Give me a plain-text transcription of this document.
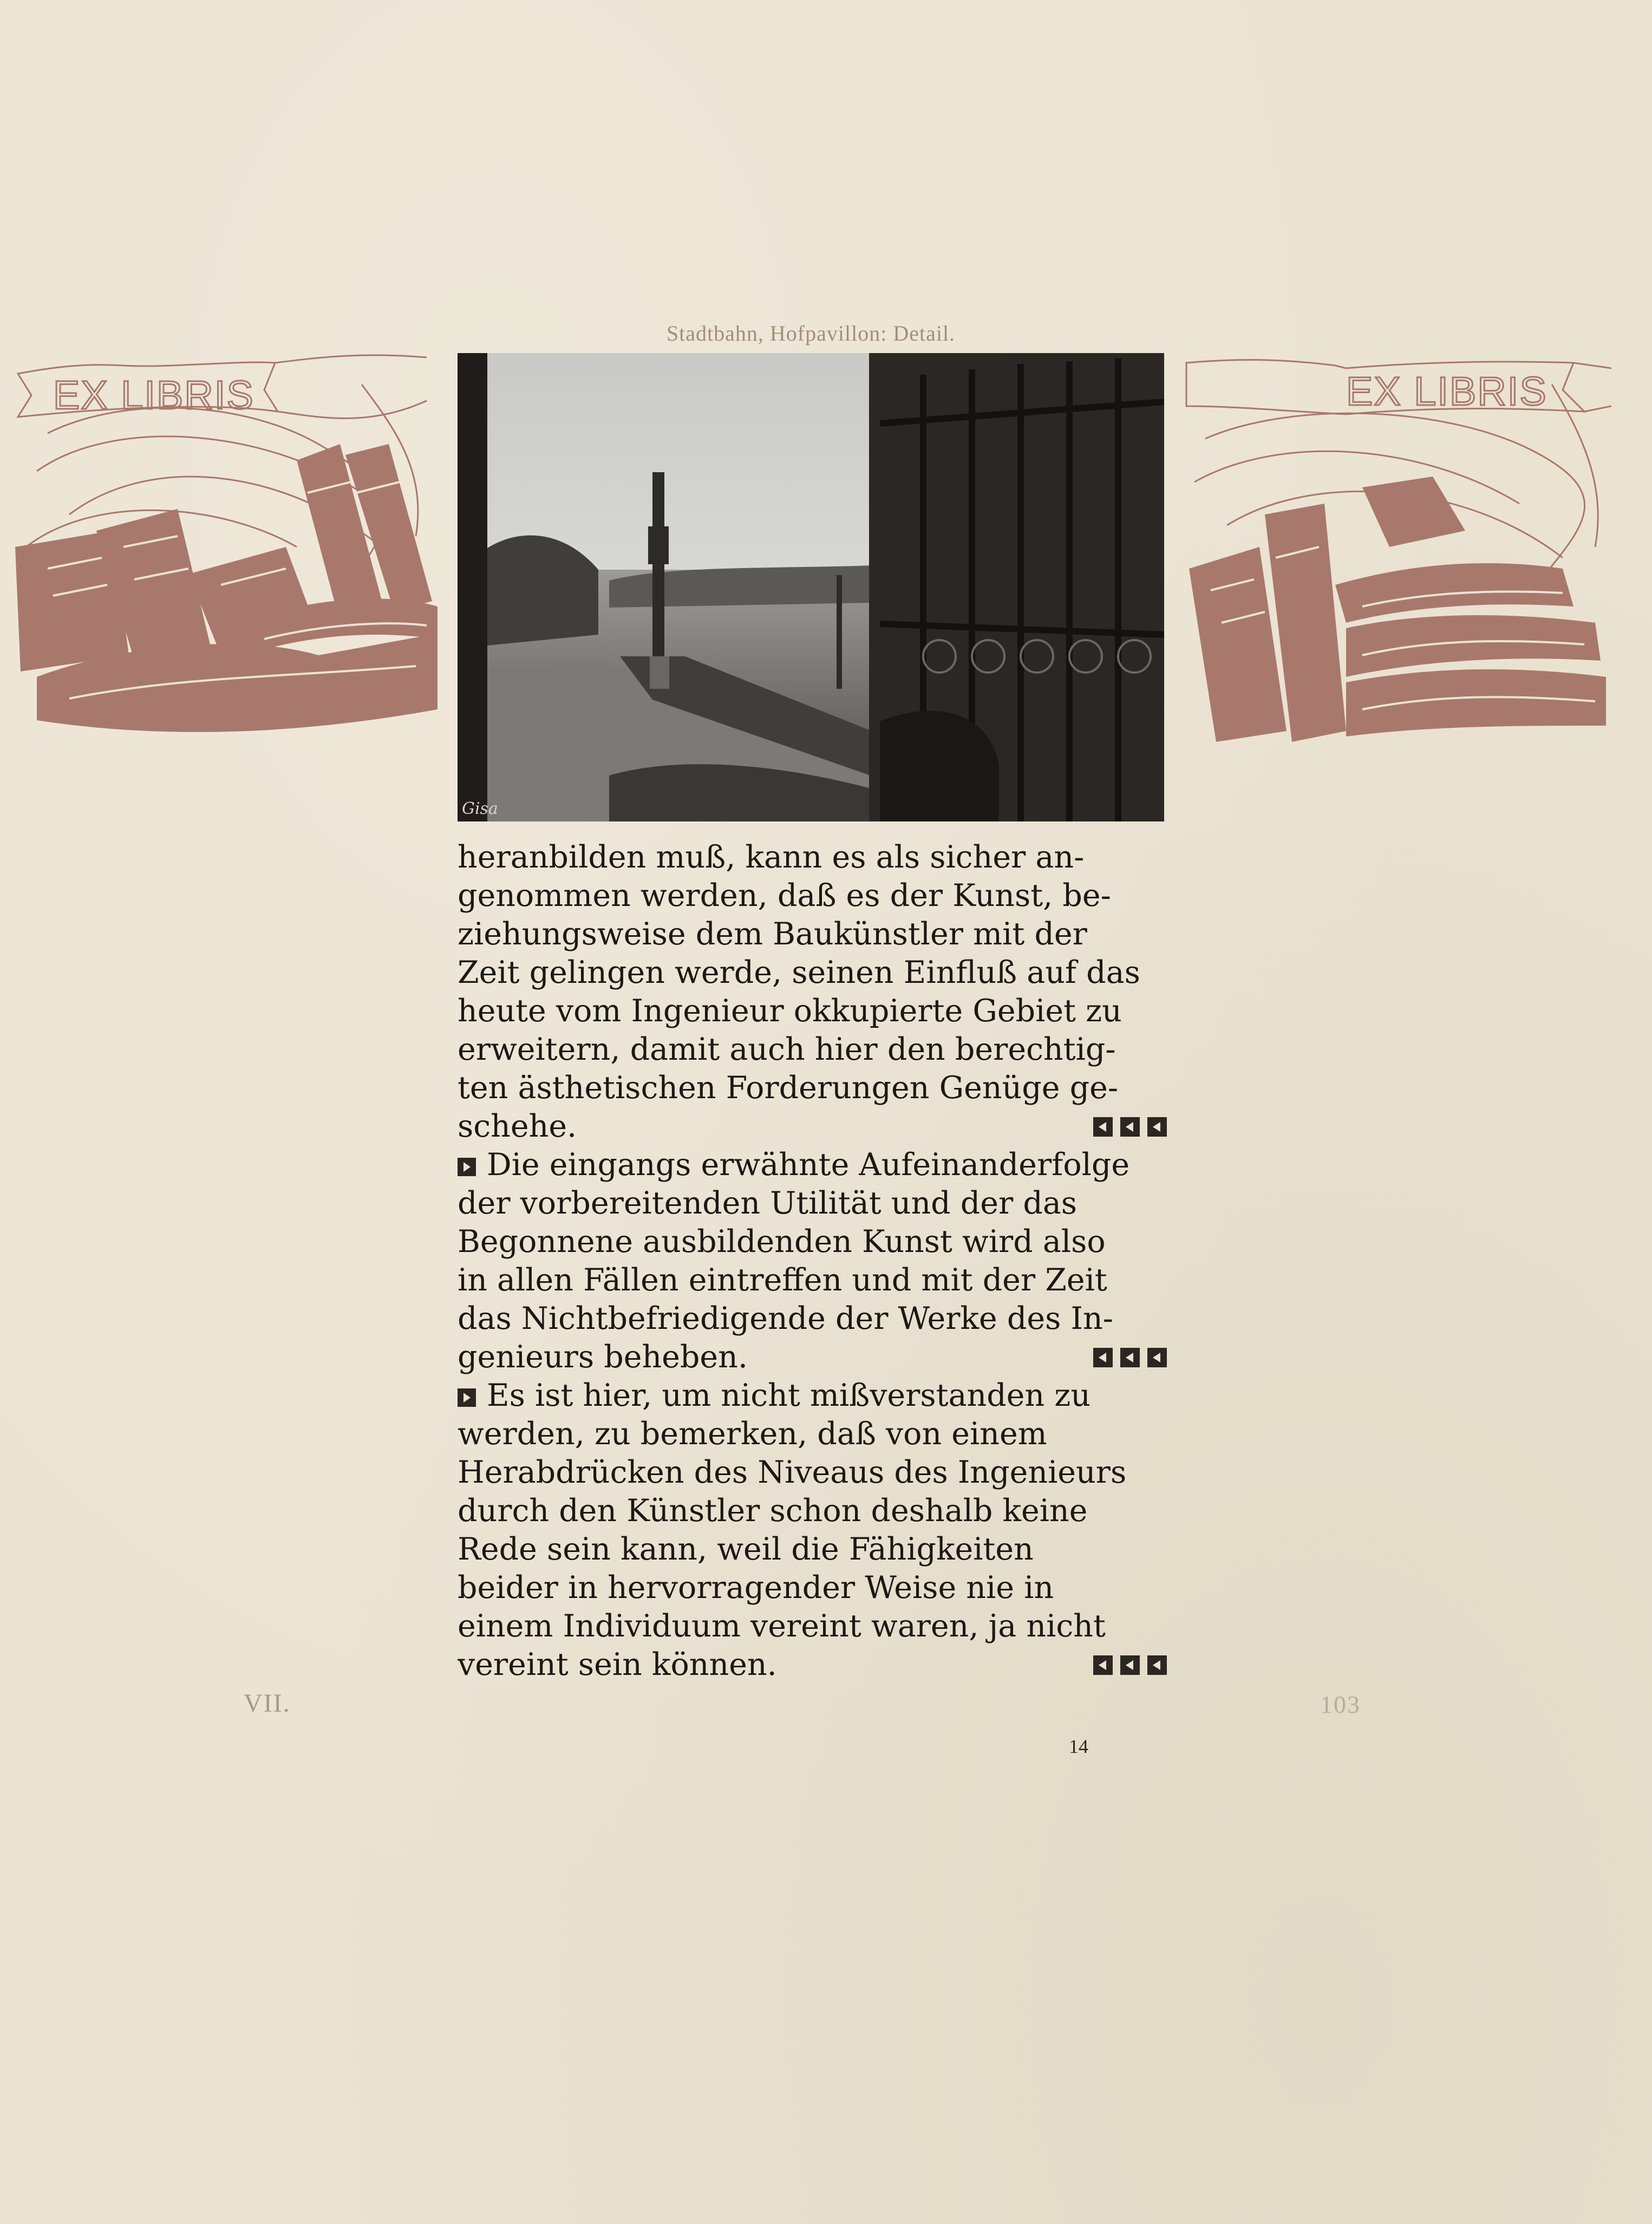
Stadtbahn, Hofpavillon: Detail.
EX LIBRIS	EX LIBRIS
Gisa
heranbilden muß, kann es als sicher an-
genommen werden, daß es der Kunst, be-
ziehungsweise dem Baukünstler mit der
Zeit gelingen werde, seinen Einfluß auf das
heute vom Ingenieur okkupierte Gebiet zu
erweitern, damit auch hier den berechtig-
ten ästhetischen Forderungen Genüge ge-
schehe.
Die eingangs erwähnte Aufeinanderfolge
der vorbereitenden Utilität und der das
Begonnene ausbildenden Kunst wird also
in allen Fällen eintreffen und mit der Zeit
das Nichtbefriedigende der Werke des In-
genieurs beheben.
Es ist hier, um nicht mißverstanden zu
werden, zu bemerken, daß von einem
Herabdrücken des Niveaus des Ingenieurs
durch den Künstler schon deshalb keine
Rede sein kann, weil die Fähigkeiten
beider in hervorragender Weise nie in
einem Individuum vereint waren, ja nicht
vereint sein können.
VII.	103
14
